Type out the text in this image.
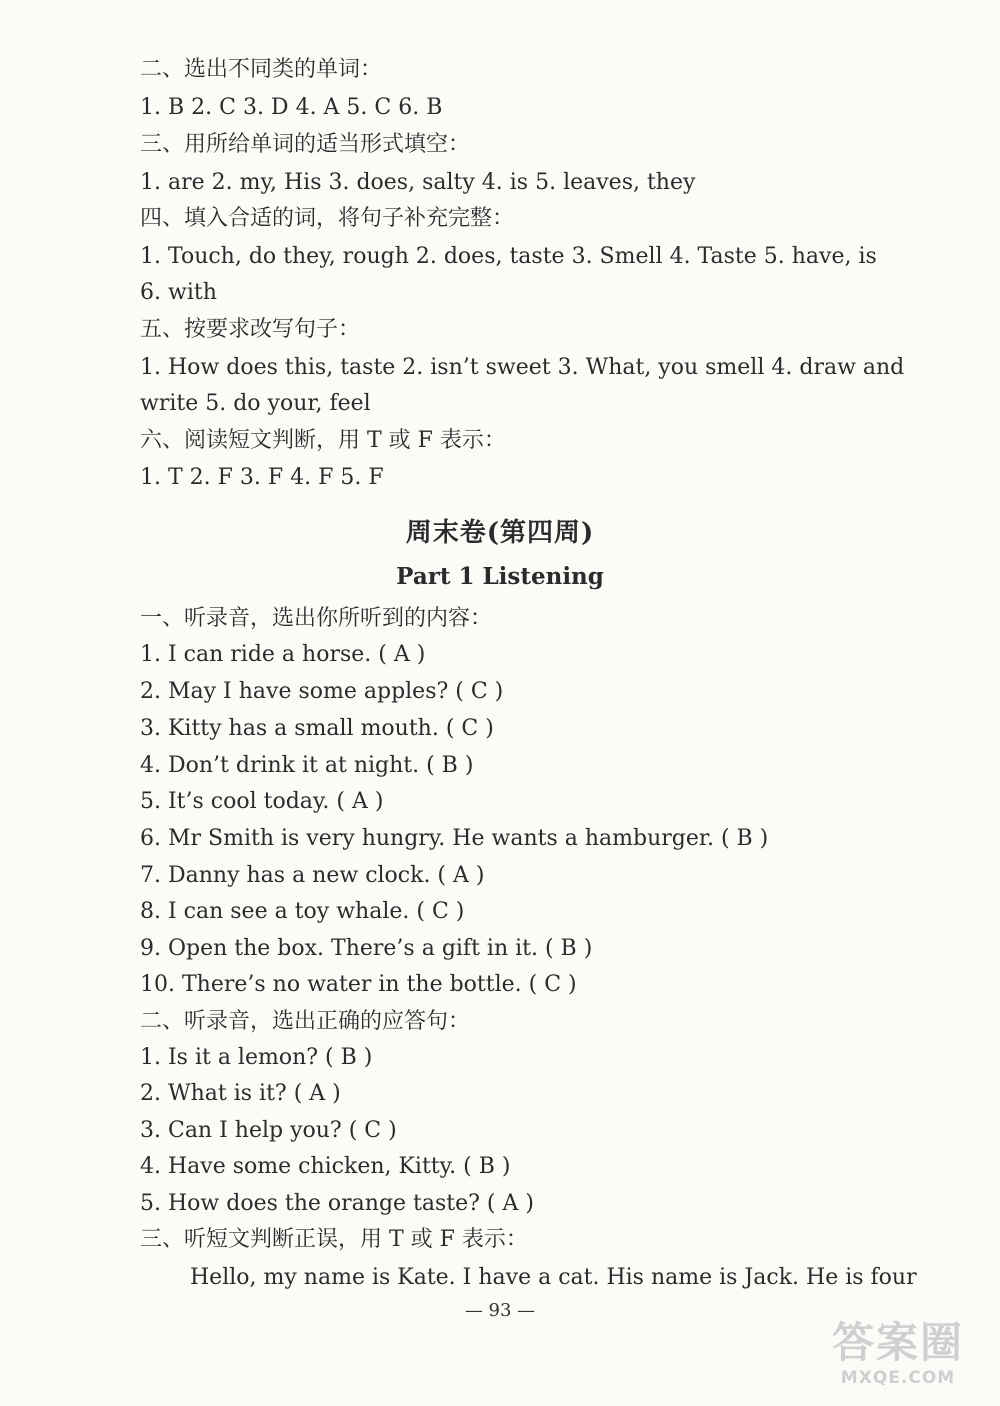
二、选出不同类的单词：
1. B 2. C 3. D 4. A 5. C 6. B
三、用所给单词的适当形式填空：
1. are 2. my, His 3. does, salty 4. is 5. leaves, they
四、填入合适的词，将句子补充完整：
1. Touch, do they, rough 2. does, taste 3. Smell 4. Taste 5. have, is
6. with
五、按要求改写句子：
1. How does this, taste 2. isn’t sweet 3. What, you smell 4. draw and
write 5. do your, feel
六、阅读短文判断，用 T 或 F 表示：
1. T 2. F 3. F 4. F 5. F
周末卷(第四周)
Part 1 Listening
一、听录音，选出你所听到的内容：
1. I can ride a horse. ( A )
2. May I have some apples? ( C )
3. Kitty has a small mouth. ( C )
4. Don’t drink it at night. ( B )
5. It’s cool today. ( A )
6. Mr Smith is very hungry. He wants a hamburger. ( B )
7. Danny has a new clock. ( A )
8. I can see a toy whale. ( C )
9. Open the box. There’s a gift in it. ( B )
10. There’s no water in the bottle. ( C )
二、听录音，选出正确的应答句：
1. Is it a lemon? ( B )
2. What is it? ( A )
3. Can I help you? ( C )
4. Have some chicken, Kitty. ( B )
5. How does the orange taste? ( A )
三、听短文判断正误，用 T 或 F 表示：
Hello, my name is Kate. I have a cat. His name is Jack. He is four
— 93 —
答案圈
MXQE.COM
